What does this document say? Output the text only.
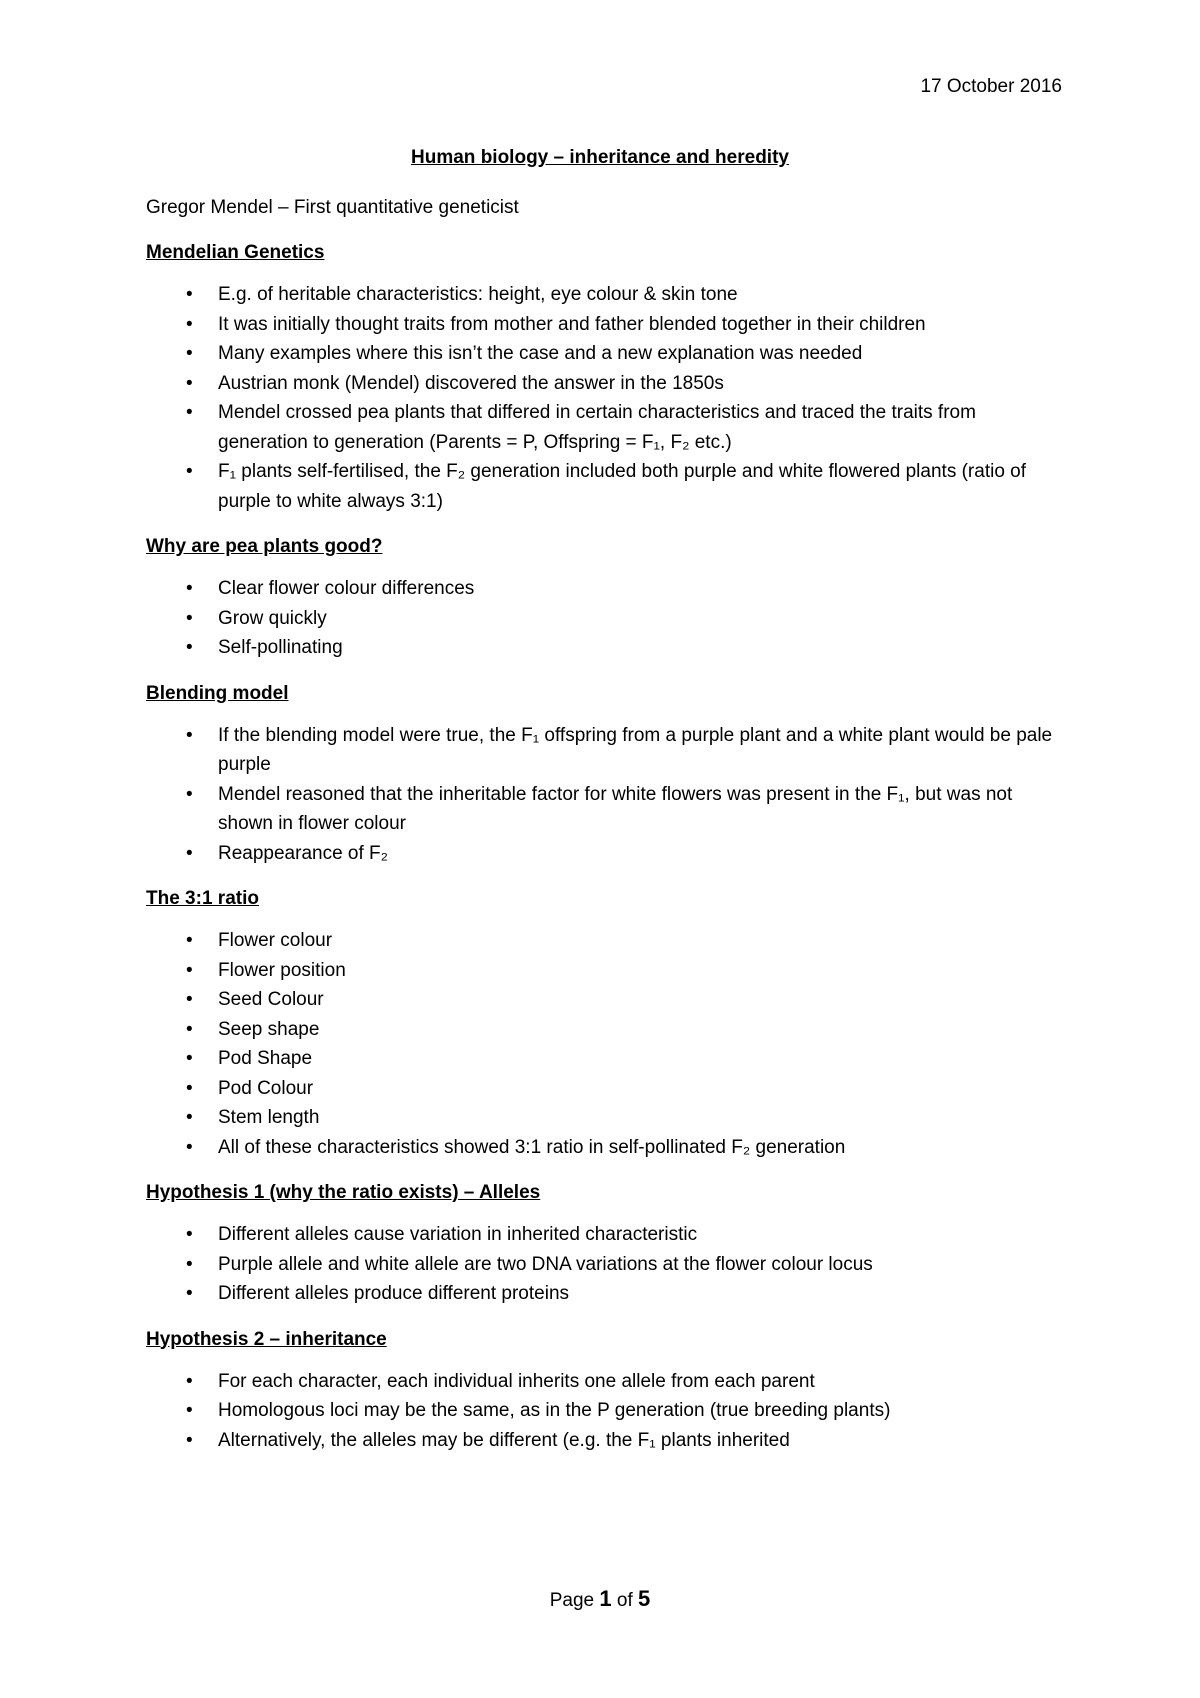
17 October 2016
Human biology – inheritance and heredity

Gregor Mendel – First quantitative geneticist

Mendelian Genetics
• E.g. of heritable characteristics: height, eye colour & skin tone
• It was initially thought traits from mother and father blended together in their children
• Many examples where this isn’t the case and a new explanation was needed
• Austrian monk (Mendel) discovered the answer in the 1850s
• Mendel crossed pea plants that differed in certain characteristics and traced the traits from generation to generation (Parents = P, Offspring = F₁, F₂ etc.)
• F₁ plants self-fertilised, the F₂ generation included both purple and white flowered plants (ratio of purple to white always 3:1)
Why are pea plants good?
• Clear flower colour differences
• Grow quickly
• Self-pollinating
Blending model
• If the blending model were true, the F₁ offspring from a purple plant and a white plant would be pale purple
• Mendel reasoned that the inheritable factor for white flowers was present in the F₁, but was not shown in flower colour
• Reappearance of F₂
The 3:1 ratio
• Flower colour
• Flower position
• Seed Colour
• Seep shape
• Pod Shape
• Pod Colour
• Stem length
• All of these characteristics showed 3:1 ratio in self-pollinated F₂ generation
Hypothesis 1 (why the ratio exists) – Alleles
• Different alleles cause variation in inherited characteristic
• Purple allele and white allele are two DNA variations at the flower colour locus
• Different alleles produce different proteins
Hypothesis 2 – inheritance
• For each character, each individual inherits one allele from each parent
• Homologous loci may be the same, as in the P generation (true breeding plants)
• Alternatively, the alleles may be different (e.g. the F₁ plants inherited
Page 1 of 5
